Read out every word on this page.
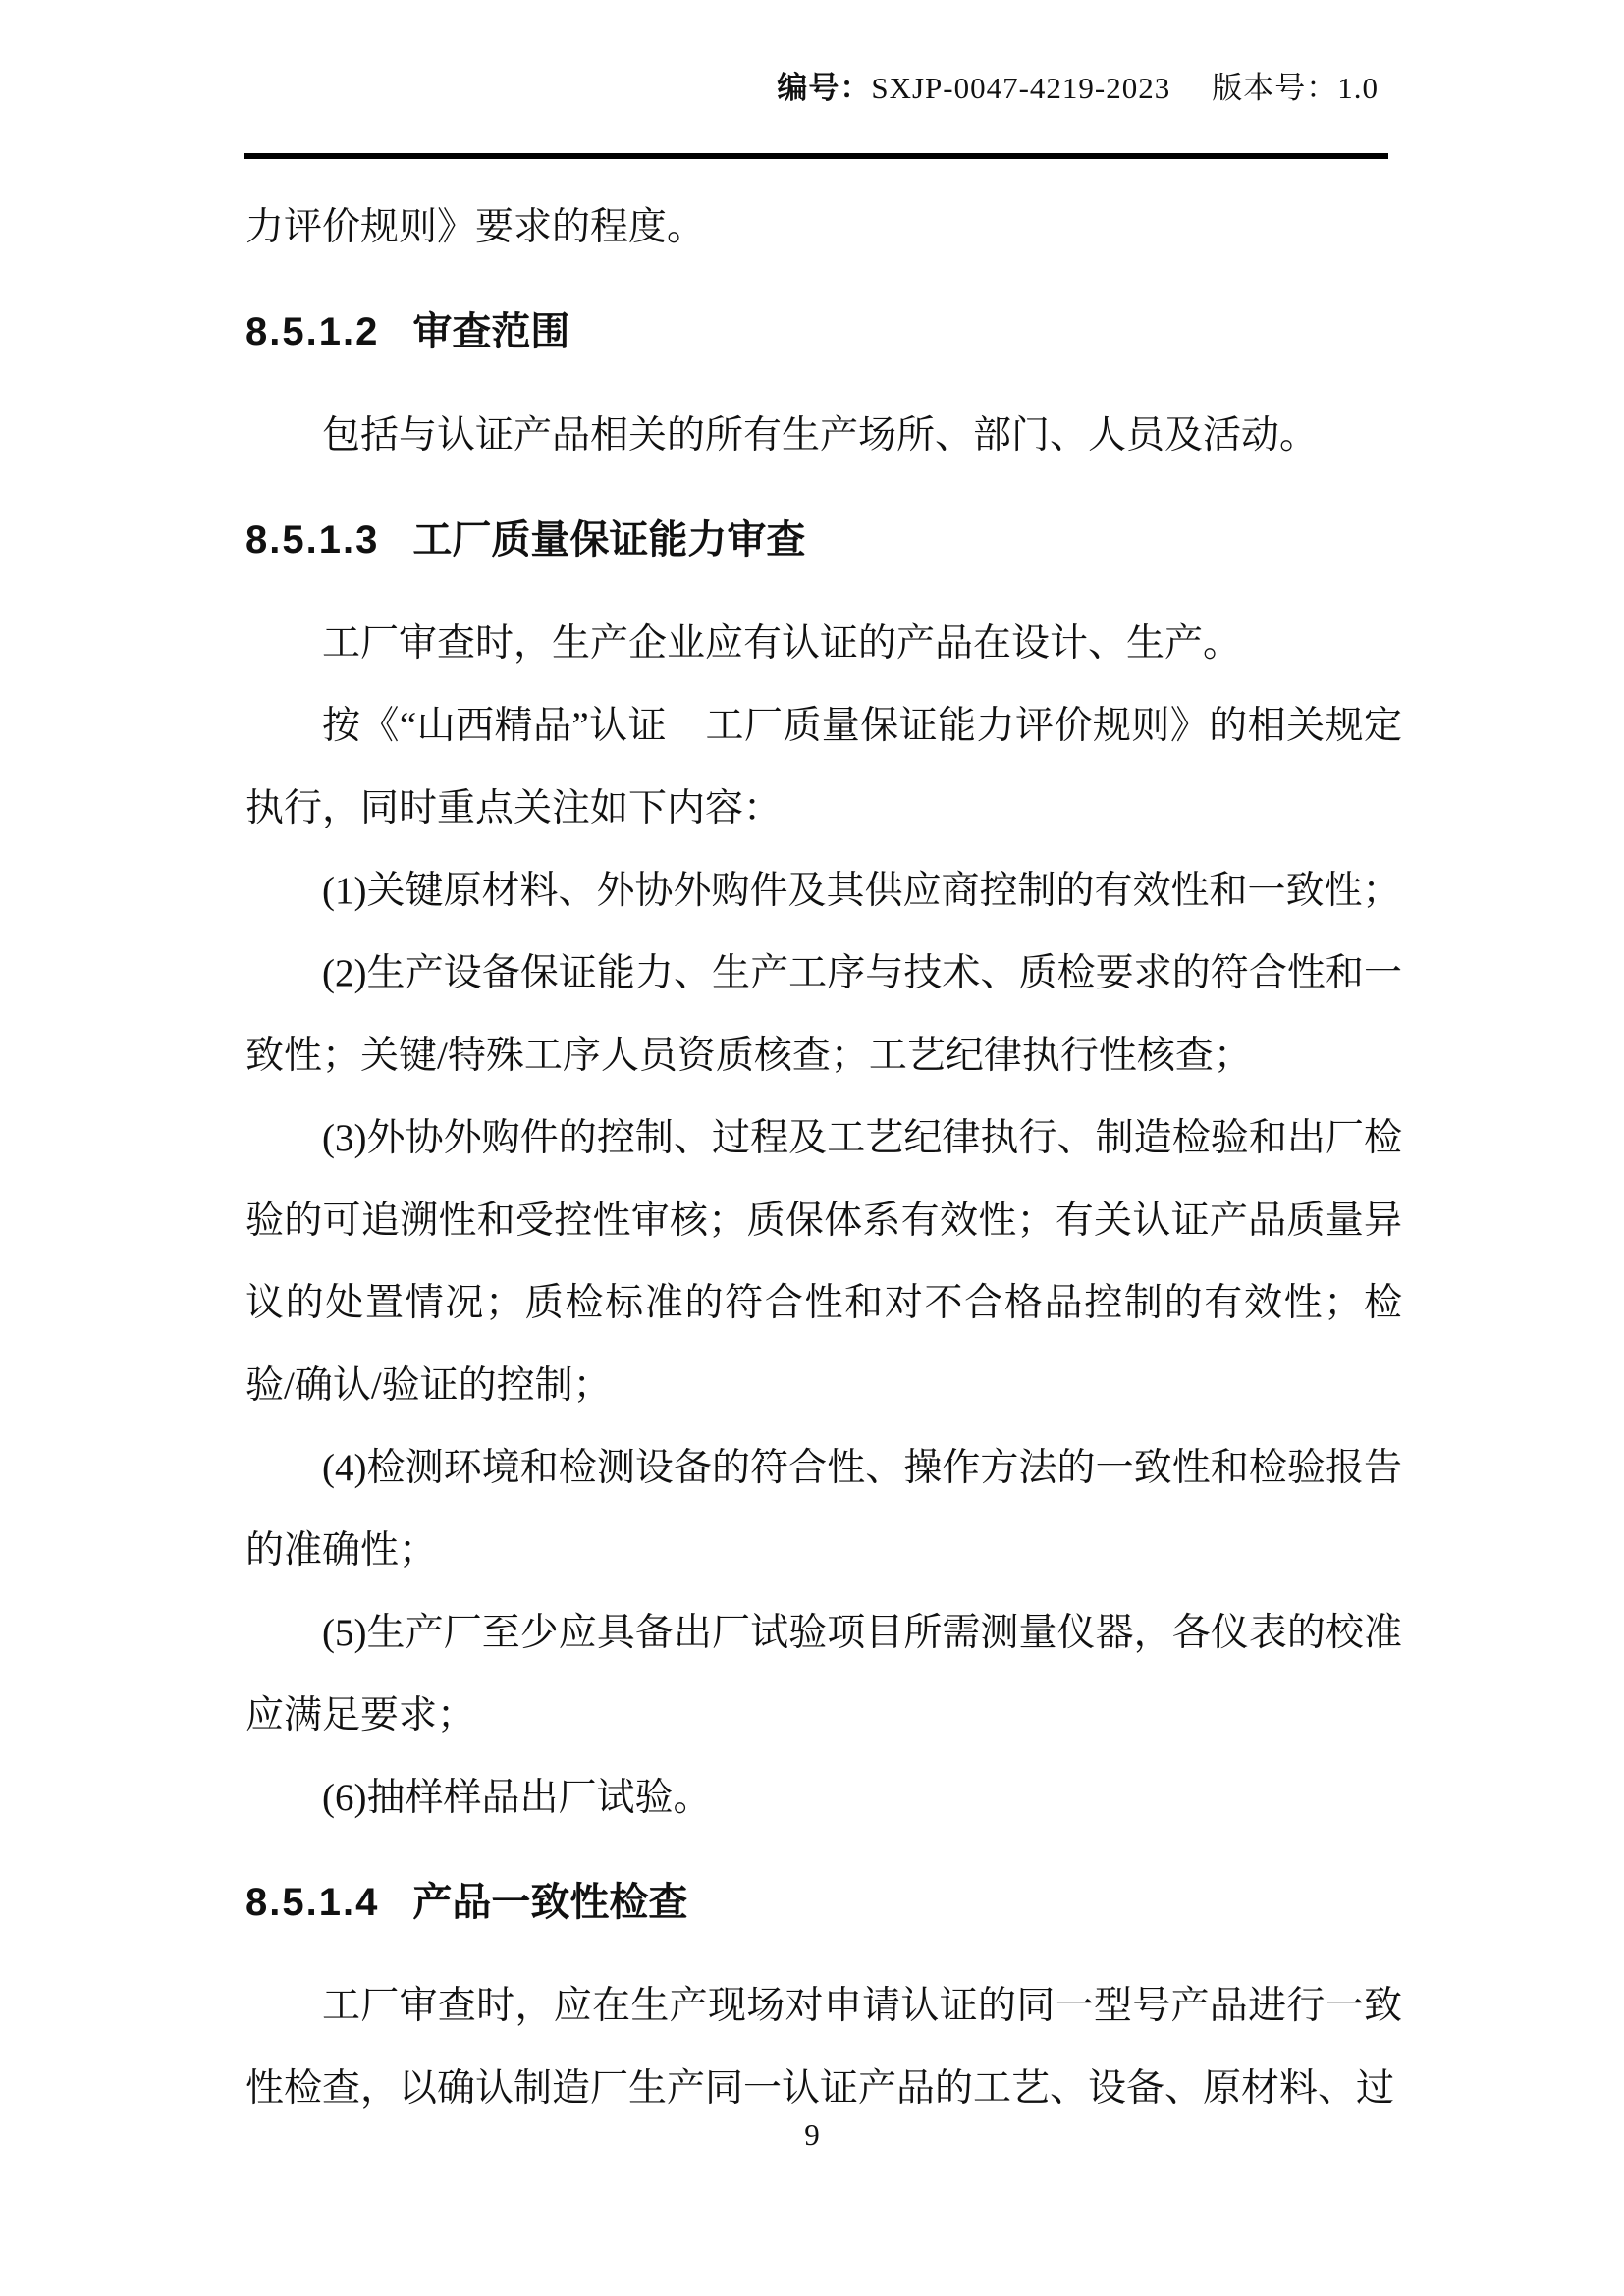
编号：SXJP-0047-4219-2023 版本号：1.0

力评价规则》要求的程度。

8.5.1.2 审查范围

包括与认证产品相关的所有生产场所、部门、人员及活动。

8.5.1.3 工厂质量保证能力审查

工厂审查时，生产企业应有认证的产品在设计、生产。

按《“山西精品”认证　工厂质量保证能力评价规则》的相关规定执行，同时重点关注如下内容：

(1)关键原材料、外协外购件及其供应商控制的有效性和一致性；

(2)生产设备保证能力、生产工序与技术、质检要求的符合性和一致性；关键/特殊工序人员资质核查；工艺纪律执行性核查；

(3)外协外购件的控制、过程及工艺纪律执行、制造检验和出厂检验的可追溯性和受控性审核；质保体系有效性；有关认证产品质量异议的处置情况；质检标准的符合性和对不合格品控制的有效性；检验/确认/验证的控制；

(4)检测环境和检测设备的符合性、操作方法的一致性和检验报告的准确性；

(5)生产厂至少应具备出厂试验项目所需测量仪器，各仪表的校准应满足要求；

(6)抽样样品出厂试验。

8.5.1.4 产品一致性检查

工厂审查时，应在生产现场对申请认证的同一型号产品进行一致性检查，以确认制造厂生产同一认证产品的工艺、设备、原材料、过

9
